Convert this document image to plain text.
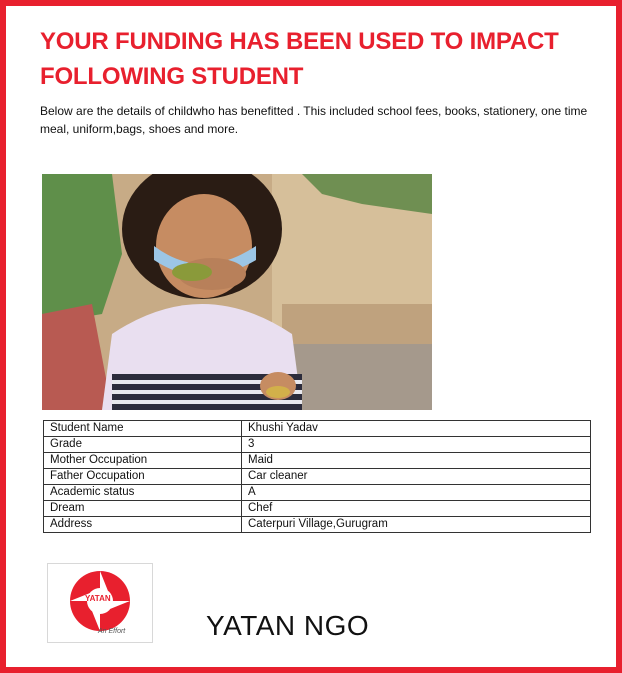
YOUR FUNDING HAS BEEN USED TO IMPACT
FOLLOWING STUDENT

Below are the details of childwho has benefitted . This included school fees, books, stationery, one time meal, uniform,bags, shoes and more.

Student Name	Khushi Yadav
Grade	3
Mother Occupation	Maid
Father Occupation	Car cleaner
Academic status	A
Dream	Chef
Address	Caterpuri Village,Gurugram
YATAN
An Effort	YATAN NGO
